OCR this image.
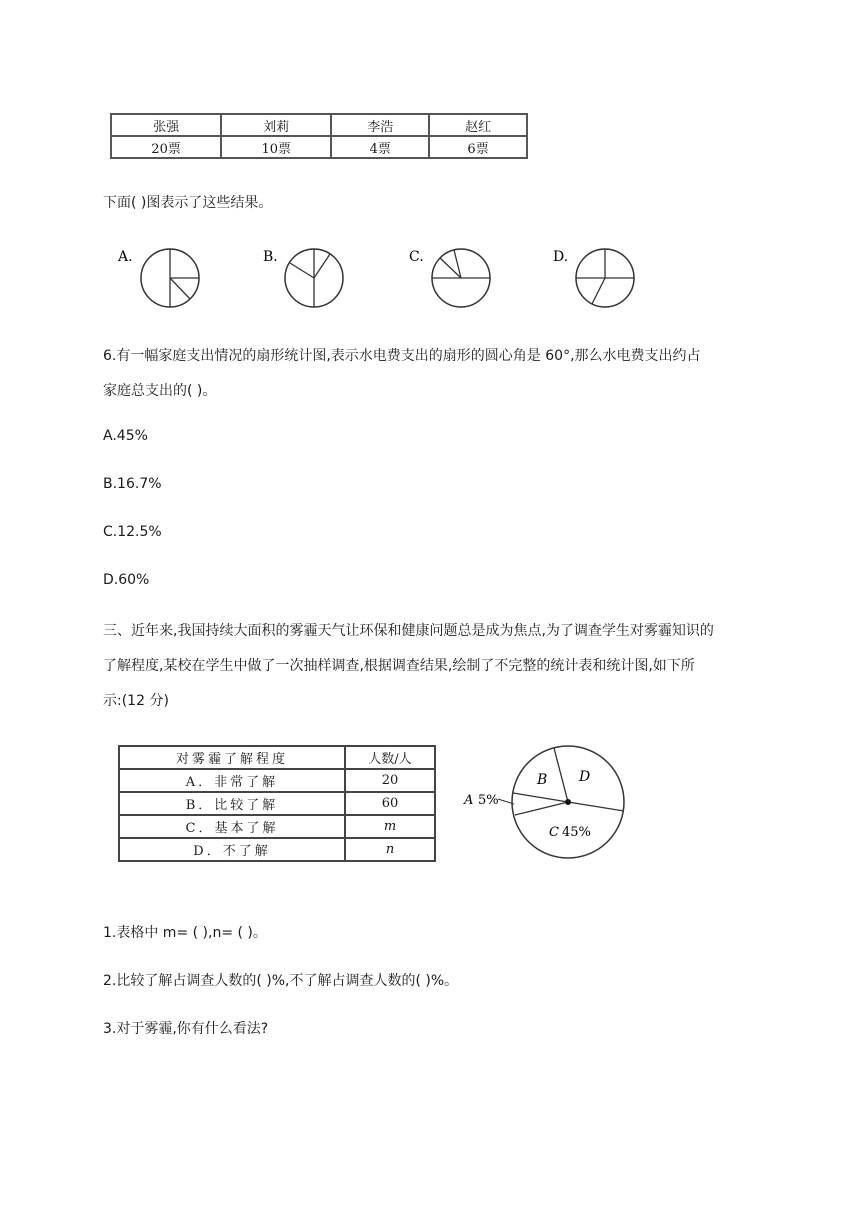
张强	刘莉	李浩	赵红
20票	10票	4票	6票
下面( )图表示了这些结果。
A.	B.	C.	D.
6.有一幅家庭支出情况的扇形统计图,表示水电费支出的扇形的圆心角是 60°,那么水电费支出约占
家庭总支出的( )。
A.45%
B.16.7%
C.12.5%
D.60%
三、近年来,我国持续大面积的雾霾天气让环保和健康问题总是成为焦点,为了调查学生对雾霾知识的
了解程度,某校在学生中做了一次抽样调查,根据调查结果,绘制了不完整的统计表和统计图,如下所
示:(12 分)
对雾霾了解程度	人数/人
A．非常了解	20
B．比较了解	60
C．基本了解	m
D．不了解	n
A 5%
B D
C 45%
1.表格中 m= ( ),n= ( )。
2.比较了解占调查人数的( )%,不了解占调查人数的( )%。
3.对于雾霾,你有什么看法?
